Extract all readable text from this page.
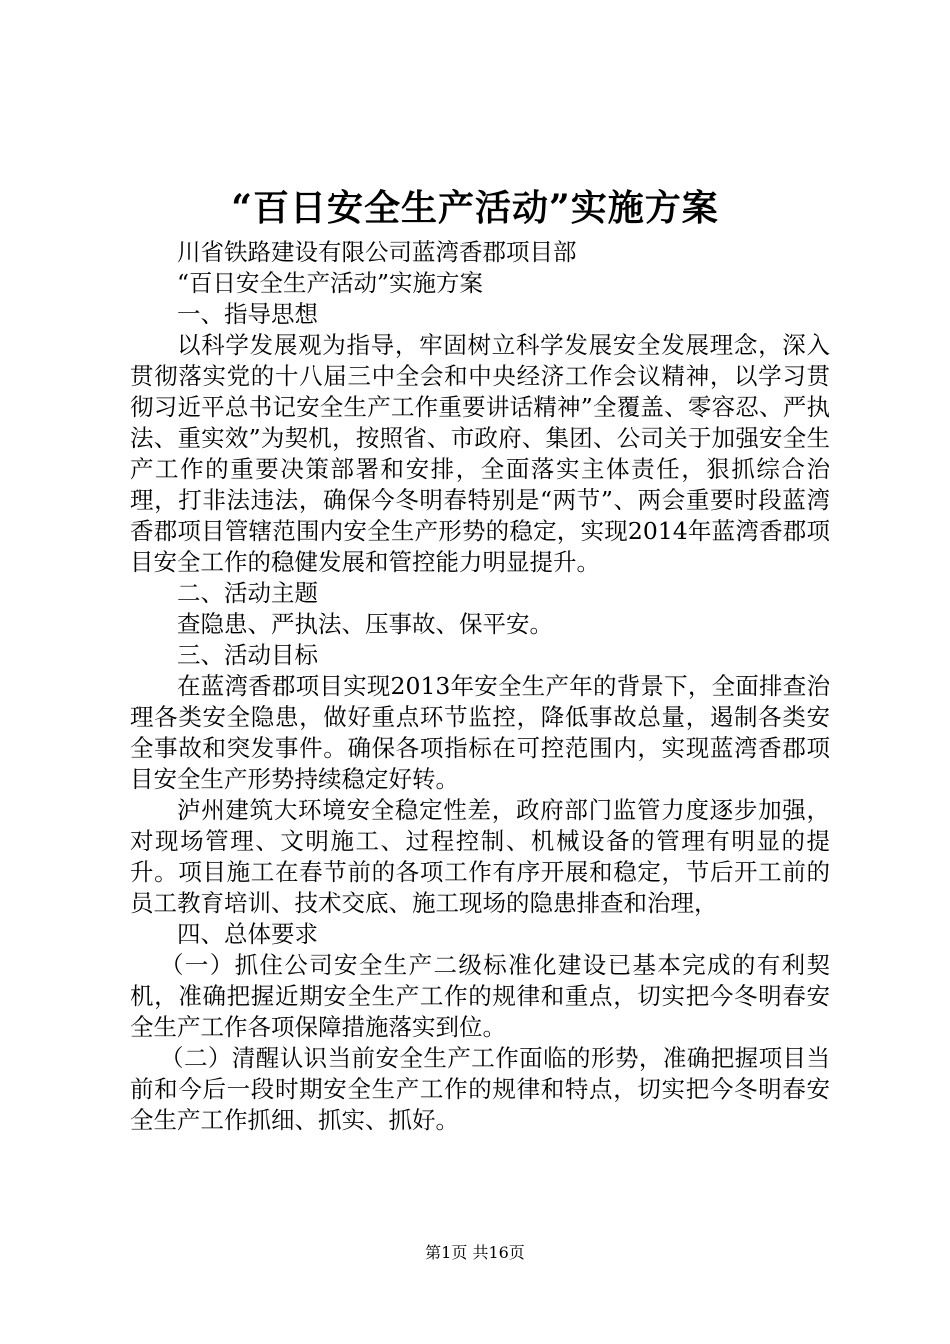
“百日安全生产活动”实施方案

川省铁路建设有限公司蓝湾香郡项目部

“百日安全生产活动”实施方案

一、指导思想

以科学发展观为指导，牢固树立科学发展安全发展理念，深入贯彻落实党的十八届三中全会和中央经济工作会议精神，以学习贯彻习近平总书记安全生产工作重要讲话精神”全覆盖、零容忍、严执法、重实效”为契机，按照省、市政府、集团、公司关于加强安全生产工作的重要决策部署和安排，全面落实主体责任，狠抓综合治理，打非法违法，确保今冬明春特别是“两节”、两会重要时段蓝湾香郡项目管辖范围内安全生产形势的稳定，实现2014年蓝湾香郡项目安全工作的稳健发展和管控能力明显提升。

二、活动主题

查隐患、严执法、压事故、保平安。

三、活动目标

在蓝湾香郡项目实现2013年安全生产年的背景下，全面排查治理各类安全隐患，做好重点环节监控，降低事故总量，遏制各类安全事故和突发事件。确保各项指标在可控范围内，实现蓝湾香郡项目安全生产形势持续稳定好转。

泸州建筑大环境安全稳定性差，政府部门监管力度逐步加强，对现场管理、文明施工、过程控制、机械设备的管理有明显的提升。项目施工在春节前的各项工作有序开展和稳定，节后开工前的员工教育培训、技术交底、施工现场的隐患排查和治理，

四、总体要求

（一）抓住公司安全生产二级标准化建设已基本完成的有利契机，准确把握近期安全生产工作的规律和重点，切实把今冬明春安全生产工作各项保障措施落实到位。

（二）清醒认识当前安全生产工作面临的形势，准确把握项目当前和今后一段时期安全生产工作的规律和特点，切实把今冬明春安全生产工作抓细、抓实、抓好。

第1页 共16页
